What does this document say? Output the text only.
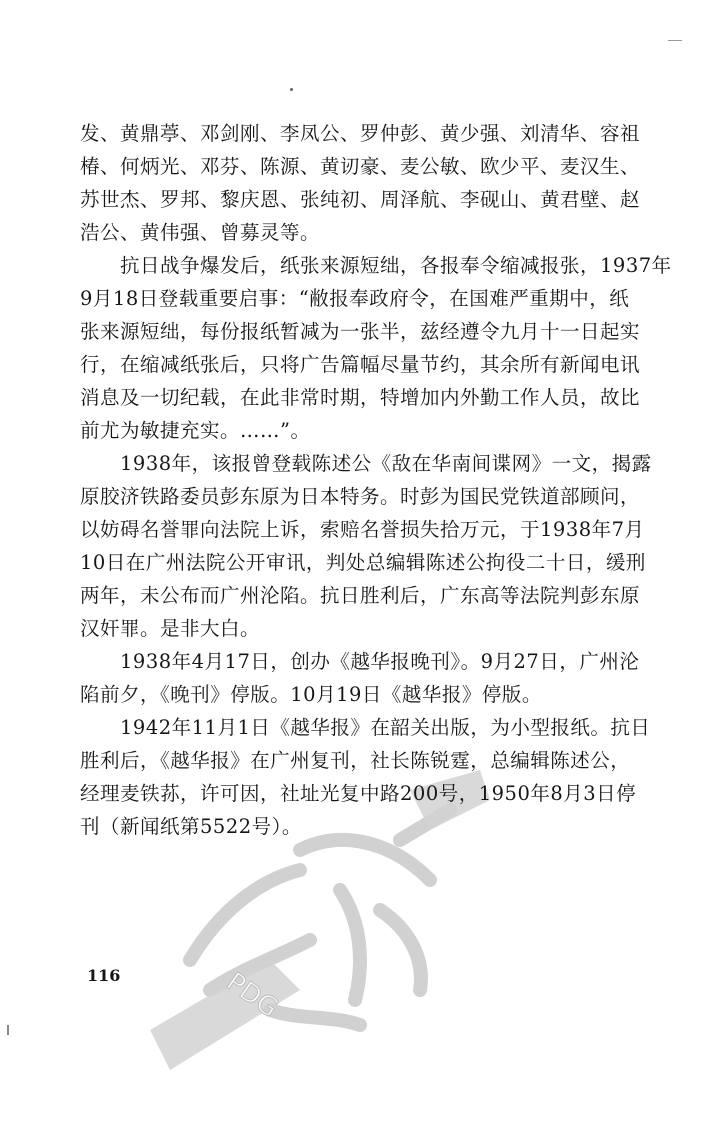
PDG
发、黄鼎葶、邓剑刚、李凤公、罗仲彭、黄少强、刘清华、容祖
椿、何炳光、邓芬、陈源、黄讱豪、麦公敏、欧少平、麦汉生、
苏世杰、罗邦、黎庆恩、张纯初、周泽航、李砚山、黄君壁、赵
浩公、黄伟强、曾募灵等。
抗日战争爆发后，纸张来源短绌，各报奉令缩减报张，1937年
9月18日登载重要启事：“敝报奉政府令，在国难严重期中，纸
张来源短绌，每份报纸暂减为一张半，兹经遵令九月十一日起实
行，在缩减纸张后，只将广告篇幅尽量节约，其余所有新闻电讯
消息及一切纪载，在此非常时期，特增加内外勤工作人员，故比
前尤为敏捷充实。……”。
1938年，该报曾登载陈述公《敌在华南间谍网》一文，揭露
原胶济铁路委员彭东原为日本特务。时彭为国民党铁道部顾问，
以妨碍名誉罪向法院上诉，索赔名誉损失拾万元，于1938年7月
10日在广州法院公开审讯，判处总编辑陈述公拘役二十日，缓刑
两年，未公布而广州沦陷。抗日胜利后，广东高等法院判彭东原
汉奸罪。是非大白。
1938年4月17日，创办《越华报晚刊》。9月27日，广州沦
陷前夕，《晚刊》停版。10月19日《越华报》停版。
1942年11月1日《越华报》在韶关出版，为小型报纸。抗日
胜利后，《越华报》在广州复刊，社长陈锐霆，总编辑陈述公，
经理麦铁荪，许可因，社址光复中路200号，1950年8月3日停
刊（新闻纸第5522号）。
116
